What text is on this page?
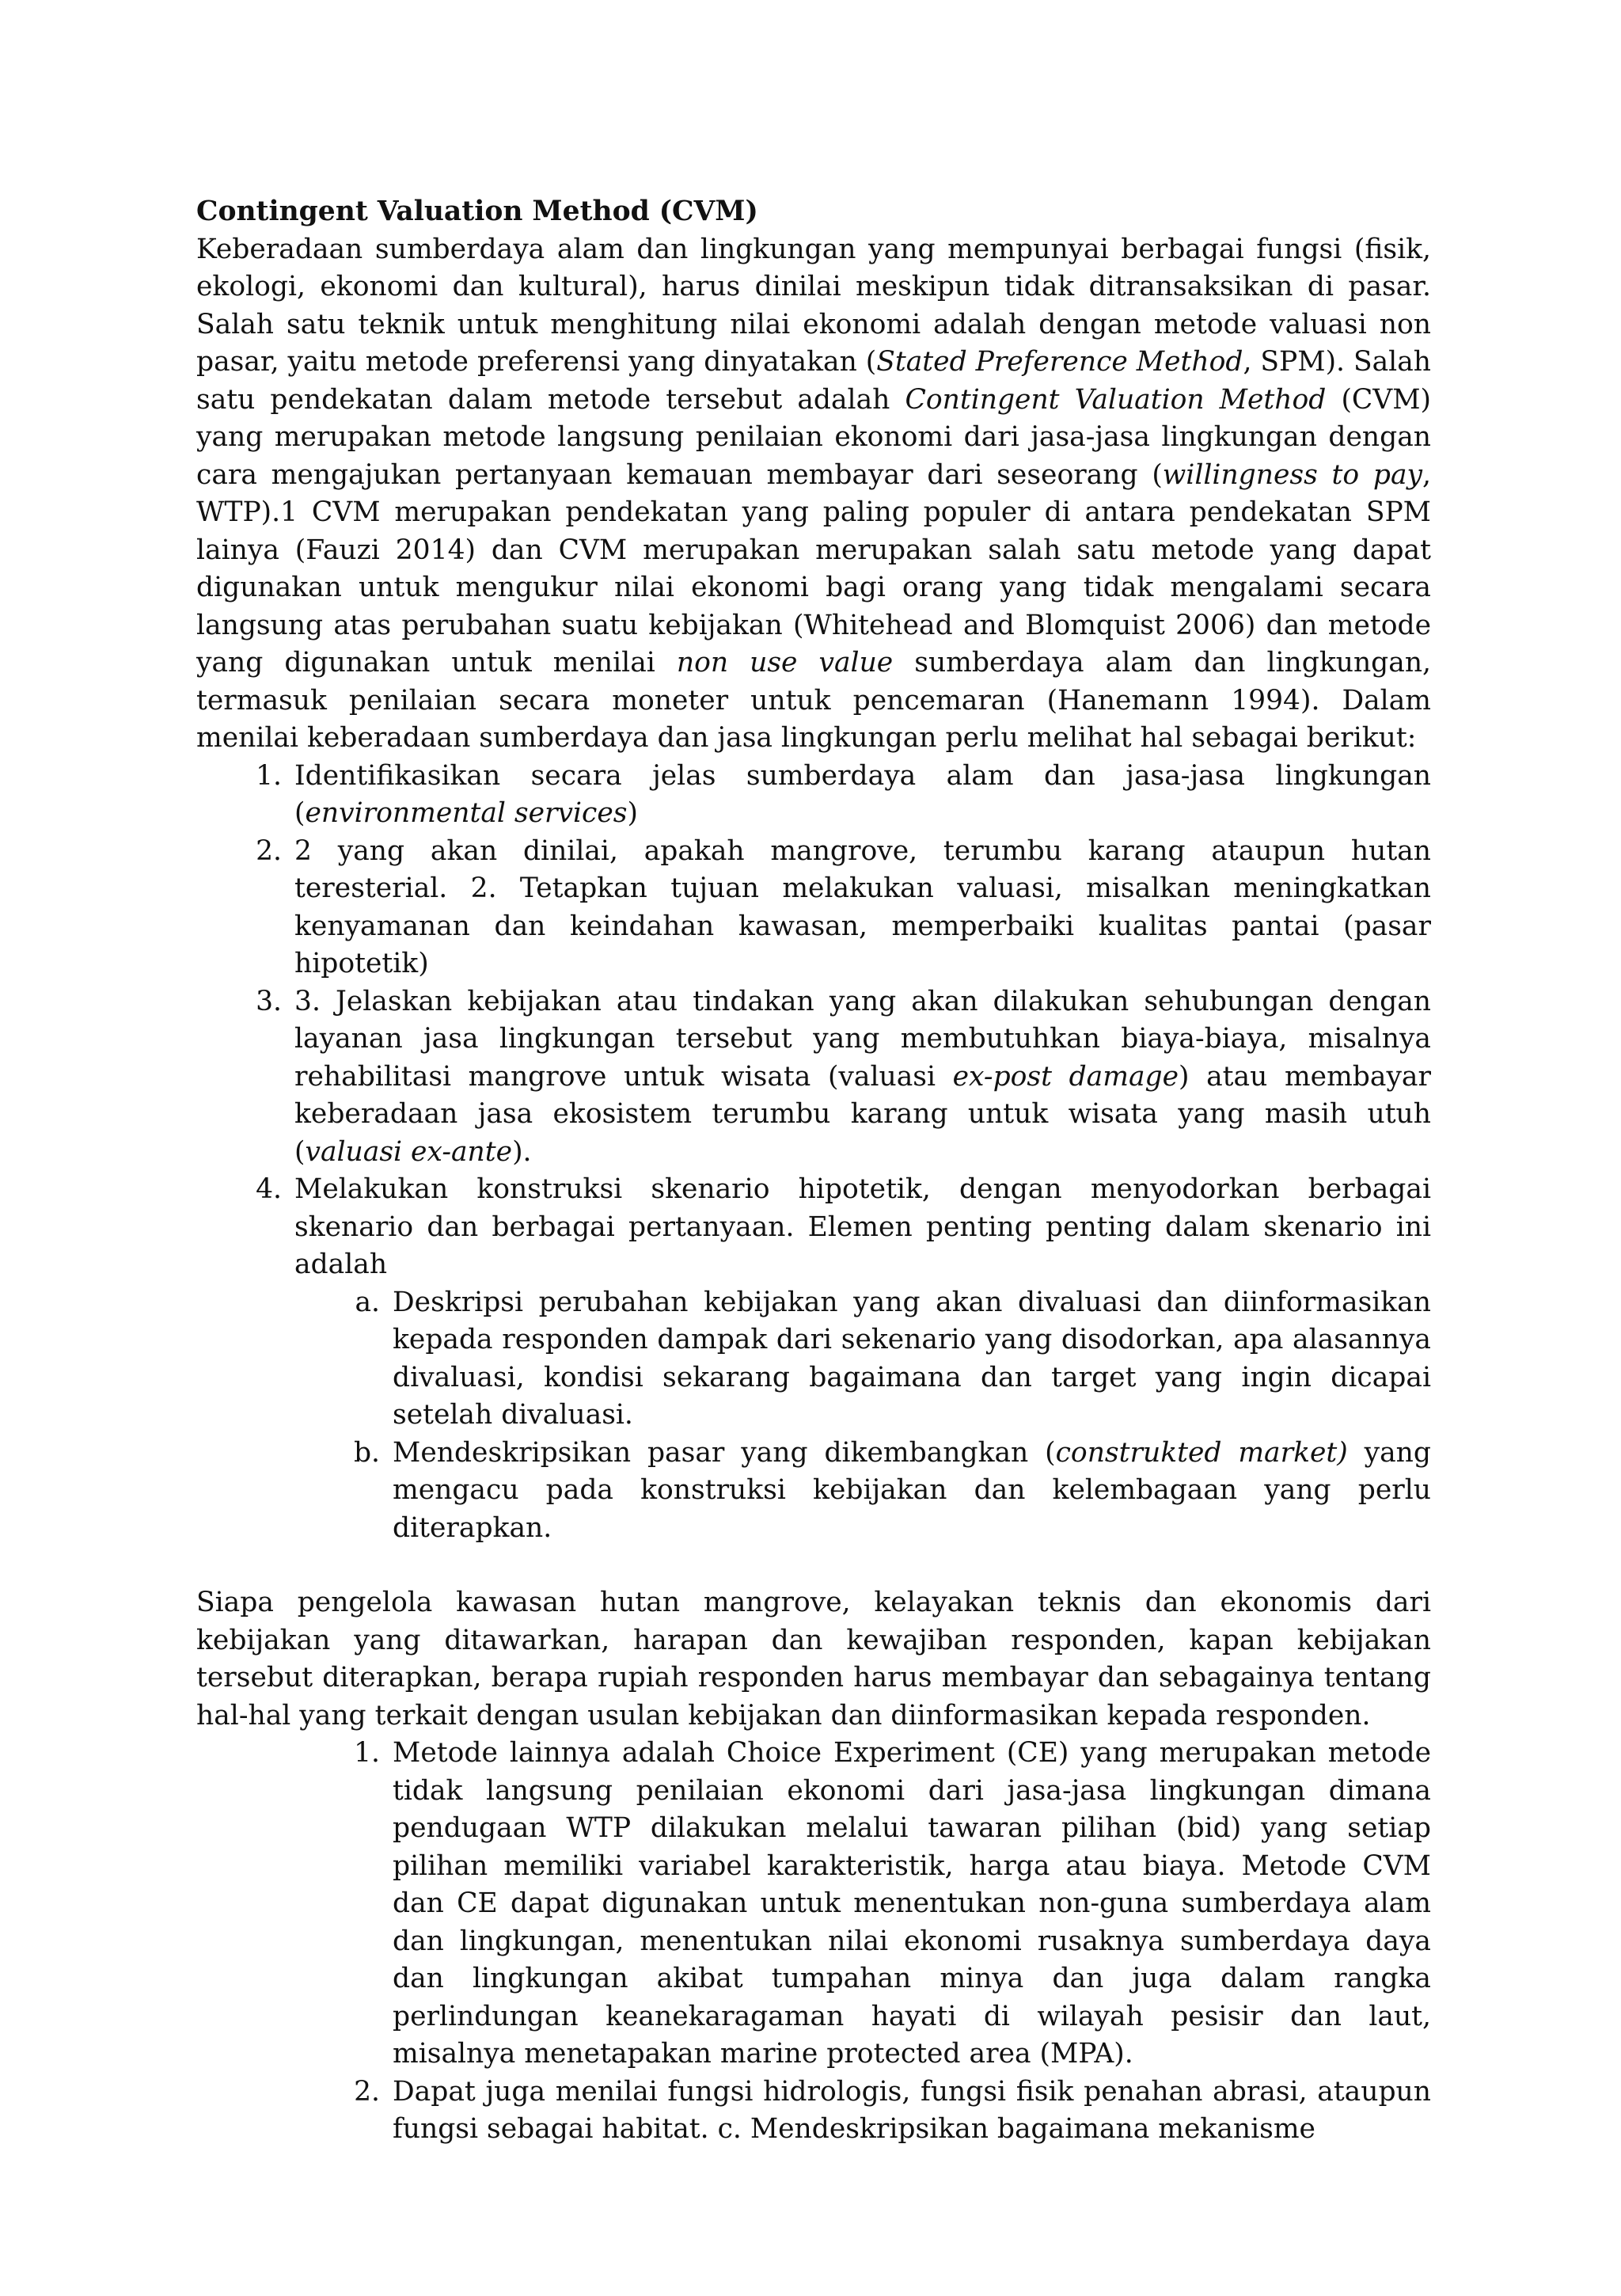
Contingent Valuation Method (CVM)

Keberadaan sumberdaya alam dan lingkungan yang mempunyai berbagai fungsi (fisik, ekologi, ekonomi dan kultural), harus dinilai meskipun tidak ditransaksikan di pasar. Salah satu teknik untuk menghitung nilai ekonomi adalah dengan metode valuasi non pasar, yaitu metode preferensi yang dinyatakan (Stated Preference Method, SPM). Salah satu pendekatan dalam metode tersebut adalah Contingent Valuation Method (CVM) yang merupakan metode langsung penilaian ekonomi dari jasa-jasa lingkungan dengan cara mengajukan pertanyaan kemauan membayar dari seseorang (willingness to pay, WTP).1 CVM merupakan pendekatan yang paling populer di antara pendekatan SPM lainya (Fauzi 2014) dan CVM merupakan merupakan salah satu metode yang dapat digunakan untuk mengukur nilai ekonomi bagi orang yang tidak mengalami secara langsung atas perubahan suatu kebijakan (Whitehead and Blomquist 2006) dan metode yang digunakan untuk menilai non use value sumberdaya alam dan lingkungan, termasuk penilaian secara moneter untuk pencemaran (Hanemann 1994). Dalam menilai keberadaan sumberdaya dan jasa lingkungan perlu melihat hal sebagai berikut:

1. Identifikasikan secara jelas sumberdaya alam dan jasa-jasa lingkungan (environmental services)
2. 2 yang akan dinilai, apakah mangrove, terumbu karang ataupun hutan teresterial. 2. Tetapkan tujuan melakukan valuasi, misalkan meningkatkan kenyamanan dan keindahan kawasan, memperbaiki kualitas pantai (pasar hipotetik)
3. 3. Jelaskan kebijakan atau tindakan yang akan dilakukan sehubungan dengan layanan jasa lingkungan tersebut yang membutuhkan biaya-biaya, misalnya rehabilitasi mangrove untuk wisata (valuasi ex-post damage) atau membayar keberadaan jasa ekosistem terumbu karang untuk wisata yang masih utuh (valuasi ex-ante).
4. Melakukan konstruksi skenario hipotetik, dengan menyodorkan berbagai skenario dan berbagai pertanyaan. Elemen penting penting dalam skenario ini adalah
a. Deskripsi perubahan kebijakan yang akan divaluasi dan diinformasikan kepada responden dampak dari sekenario yang disodorkan, apa alasannya divaluasi, kondisi sekarang bagaimana dan target yang ingin dicapai setelah divaluasi.
b. Mendeskripsikan pasar yang dikembangkan (construkted market) yang mengacu pada konstruksi kebijakan dan kelembagaan yang perlu diterapkan.

Siapa pengelola kawasan hutan mangrove, kelayakan teknis dan ekonomis dari kebijakan yang ditawarkan, harapan dan kewajiban responden, kapan kebijakan tersebut diterapkan, berapa rupiah responden harus membayar dan sebagainya tentang hal-hal yang terkait dengan usulan kebijakan dan diinformasikan kepada responden.

1. Metode lainnya adalah Choice Experiment (CE) yang merupakan metode tidak langsung penilaian ekonomi dari jasa-jasa lingkungan dimana pendugaan WTP dilakukan melalui tawaran pilihan (bid) yang setiap pilihan memiliki variabel karakteristik, harga atau biaya. Metode CVM dan CE dapat digunakan untuk menentukan non-guna sumberdaya alam dan lingkungan, menentukan nilai ekonomi rusaknya sumberdaya daya dan lingkungan akibat tumpahan minya dan juga dalam rangka perlindungan keanekaragaman hayati di wilayah pesisir dan laut, misalnya menetapakan marine protected area (MPA).
2. Dapat juga menilai fungsi hidrologis, fungsi fisik penahan abrasi, ataupun fungsi sebagai habitat. c. Mendeskripsikan bagaimana mekanisme
